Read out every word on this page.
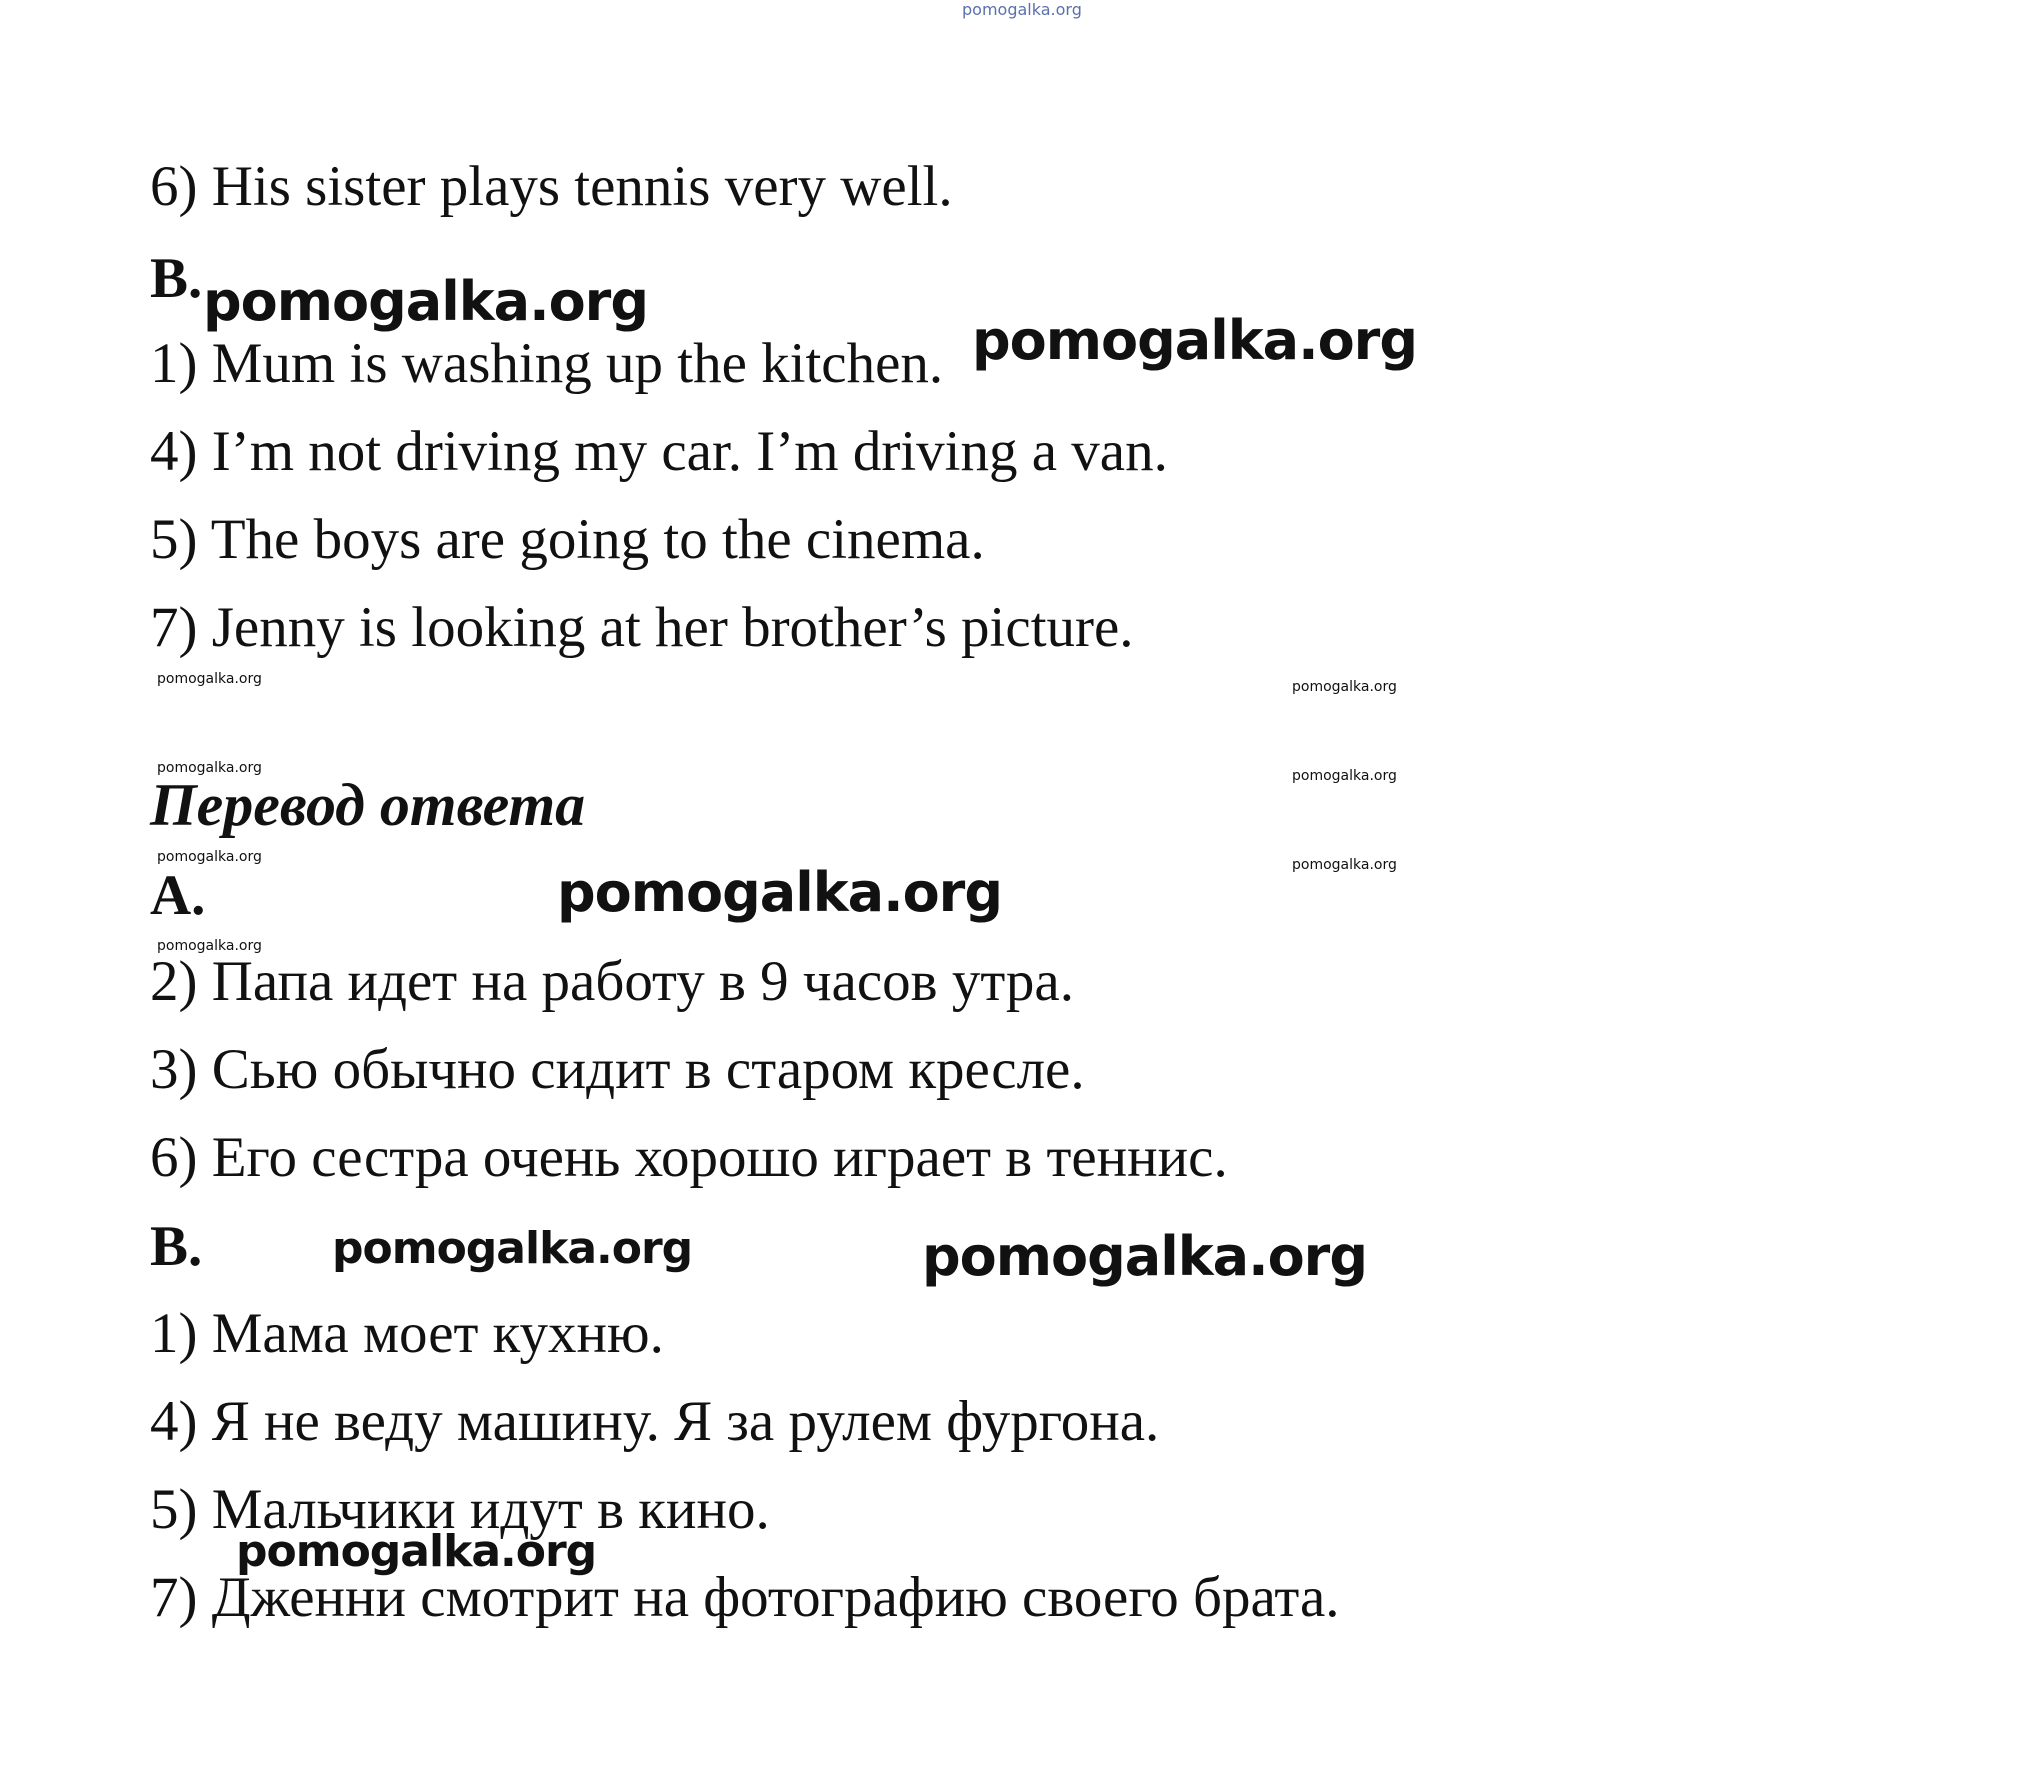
pomogalka.org
6) His sister plays tennis very well.
B.
1) Mum is washing up the kitchen.
4) I’m not driving my car. I’m driving a van.
5) The boys are going to the cinema.
7) Jenny is looking at her brother’s picture.
Перевод ответа
A.
2) Папа идет на работу в 9 часов утра.
3) Сью обычно сидит в старом кресле.
6) Его сестра очень хорошо играет в теннис.
B.
1) Мама моет кухню.
4) Я не веду машину. Я за рулем фургона.
5) Мальчики идут в кино.
7) Дженни смотрит на фотографию своего брата.
pomogalka.org
pomogalka.org
pomogalka.org	pomogalka.org
pomogalka.org	pomogalka.org
pomogalka.org	pomogalka.org
pomogalka.org
pomogalka.org
pomogalka.org	pomogalka.org
pomogalka.org
